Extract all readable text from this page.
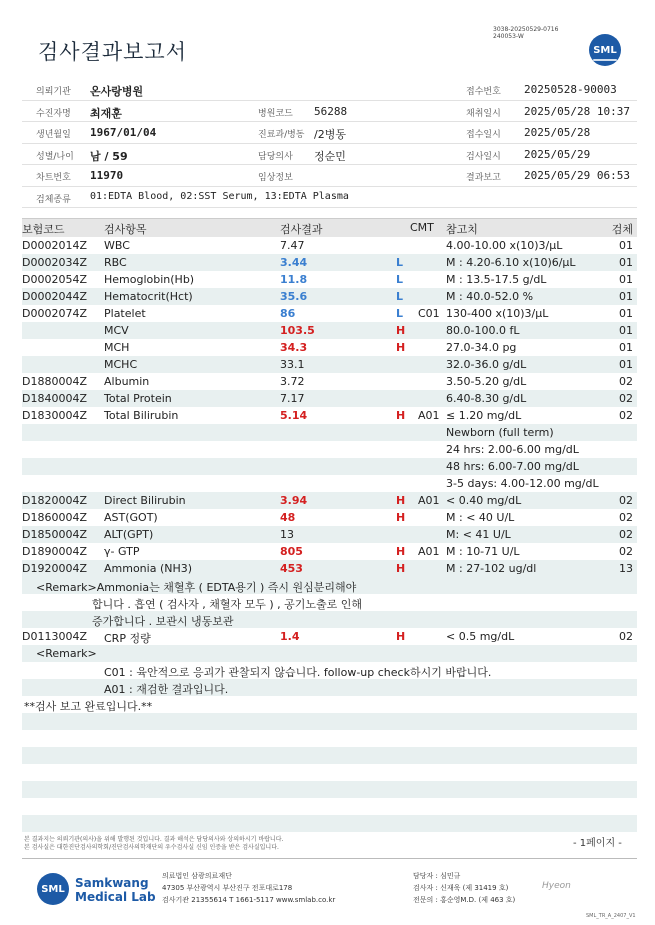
검사결과보고서
3038-20250529-0716
240053-W
SML
의뢰기관 온사랑병원	접수번호 20250528-90003
수진자명 최재훈	병원코드 56288	채취일시 2025/05/28 10:37
생년월일 1967/01/04	진료과/병동 /2병동	접수일시 2025/05/28
성별/나이 남 / 59	담당의사 정순민	검사일시 2025/05/29
차트번호 11970	임상정보	결과보고 2025/05/29 06:53
검체종류 01:EDTA Blood, 02:SST Serum, 13:EDTA Plasma
보험코드	검사항목	검사결과	CMT 참고치	검체
D0002014Z WBC	7.47	4.00-10.00 x(10)3/μL	01
D0002034Z RBC	3.44	L	M : 4.20-6.10 x(10)6/μL	01
D0002054Z Hemoglobin(Hb)	11.8	L	M : 13.5-17.5 g/dL	01
D0002044Z Hematocrit(Hct)	35.6	L	M : 40.0-52.0 %	01
D0002074Z Platelet	86	L C01 130-400 x(10)3/μL	01
MCV	103.5	H	80.0-100.0 fL	01
MCH	34.3	H	27.0-34.0 pg	01
MCHC	33.1	32.0-36.0 g/dL	01
D1880004Z Albumin	3.72	3.50-5.20 g/dL	02
D1840004Z Total Protein	7.17	6.40-8.30 g/dL	02
D1830004Z Total Bilirubin	5.14	H A01 ≤ 1.20 mg/dL	02
Newborn (full term)
24 hrs: 2.00-6.00 mg/dL
48 hrs: 6.00-7.00 mg/dL
3-5 days: 4.00-12.00 mg/dL
D1820004Z Direct Bilirubin	3.94	H A01 < 0.40 mg/dL	02
D1860004Z AST(GOT)	48	H	M : < 40 U/L	02
D1850004Z ALT(GPT)	13	M: < 41 U/L	02
D1890004Z γ- GTP	805	H A01 M : 10-71 U/L	02
D1920004Z Ammonia (NH3)	453	H	M : 27-102 ug/dl	13
<Remark>Ammonia는 채혈후 ( EDTA용기 ) 즉시 원심분리해야
합니다 . 흡연 ( 검사자 , 채혈자 모두 ) , 공기노출로 인해
증가합니다 . 보관시 냉동보관
D0113004Z CRP 정량	1.4	H	< 0.5 mg/dL	02
<Remark>
C01 : 육안적으로 응괴가 관찰되지 않습니다. follow-up check하시기 바랍니다.
A01 : 재검한 결과입니다.
**검사 보고 완료입니다.**
본 결과지는 의뢰기관(의사)을 위해 발행된 것입니다. 결과 해석은 담당의사와 상의하시기 바랍니다.
본 검사실은 대한진단검사의학회/진단검사의학재단의 우수검사실 신임 인증을 받은 검사실입니다.	- 1페이지 -
SML Samkwang
Medical Lab
의료법인 삼광의료재단
47305 부산광역시 부산진구 전포대로178
검사기관 21355614 T 1661-5117 www.smlab.co.kr
담당자 : 심민규
검사자 : 신재욱 (제 31419 호)
전문의 : 홍순영M.D. (제 463 호)
Hyeon
SML_TR_A_2407_V1
